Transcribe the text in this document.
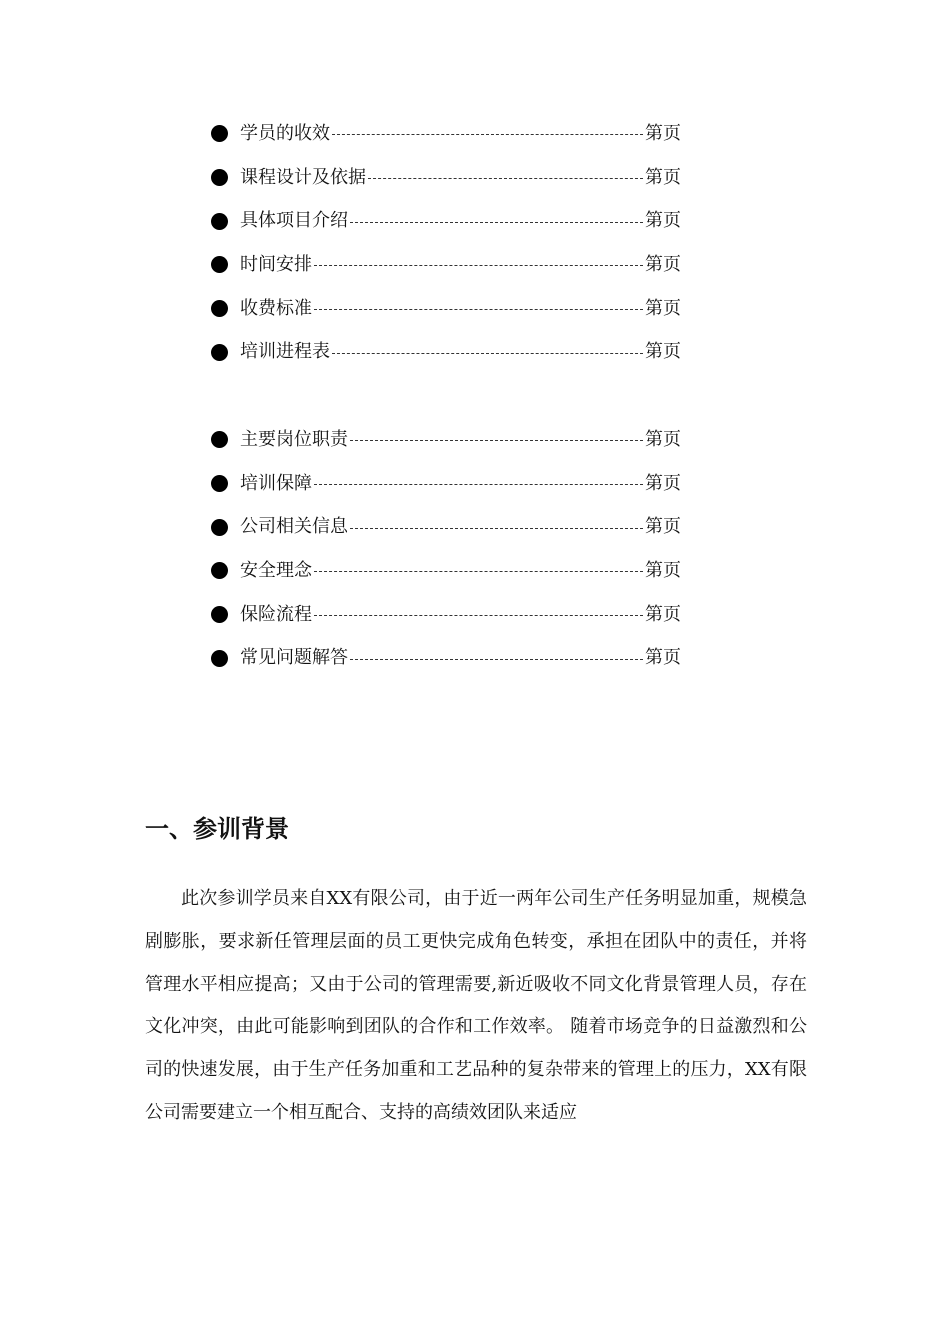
学员的收效	第页
课程设计及依据	第页
具体项目介绍	第页
时间安排	第页
收费标准	第页
培训进程表	第页
主要岗位职责	第页
培训保障	第页
公司相关信息	第页
安全理念	第页
保险流程	第页
常见问题解答	第页
一、参训背景

此次参训学员来自XX有限公司，由于近一两年公司生产任务明显加重，规模急剧膨胀，要求新任管理层面的员工更快完成角色转变，承担在团队中的责任，并将管理水平相应提高；又由于公司的管理需要,新近吸收不同文化背景管理人员，存在文化冲突，由此可能影响到团队的合作和工作效率。 随着市场竞争的日益激烈和公司的快速发展，由于生产任务加重和工艺品种的复杂带来的管理上的压力，XX有限公司需要建立一个相互配合、支持的高绩效团队来适应
